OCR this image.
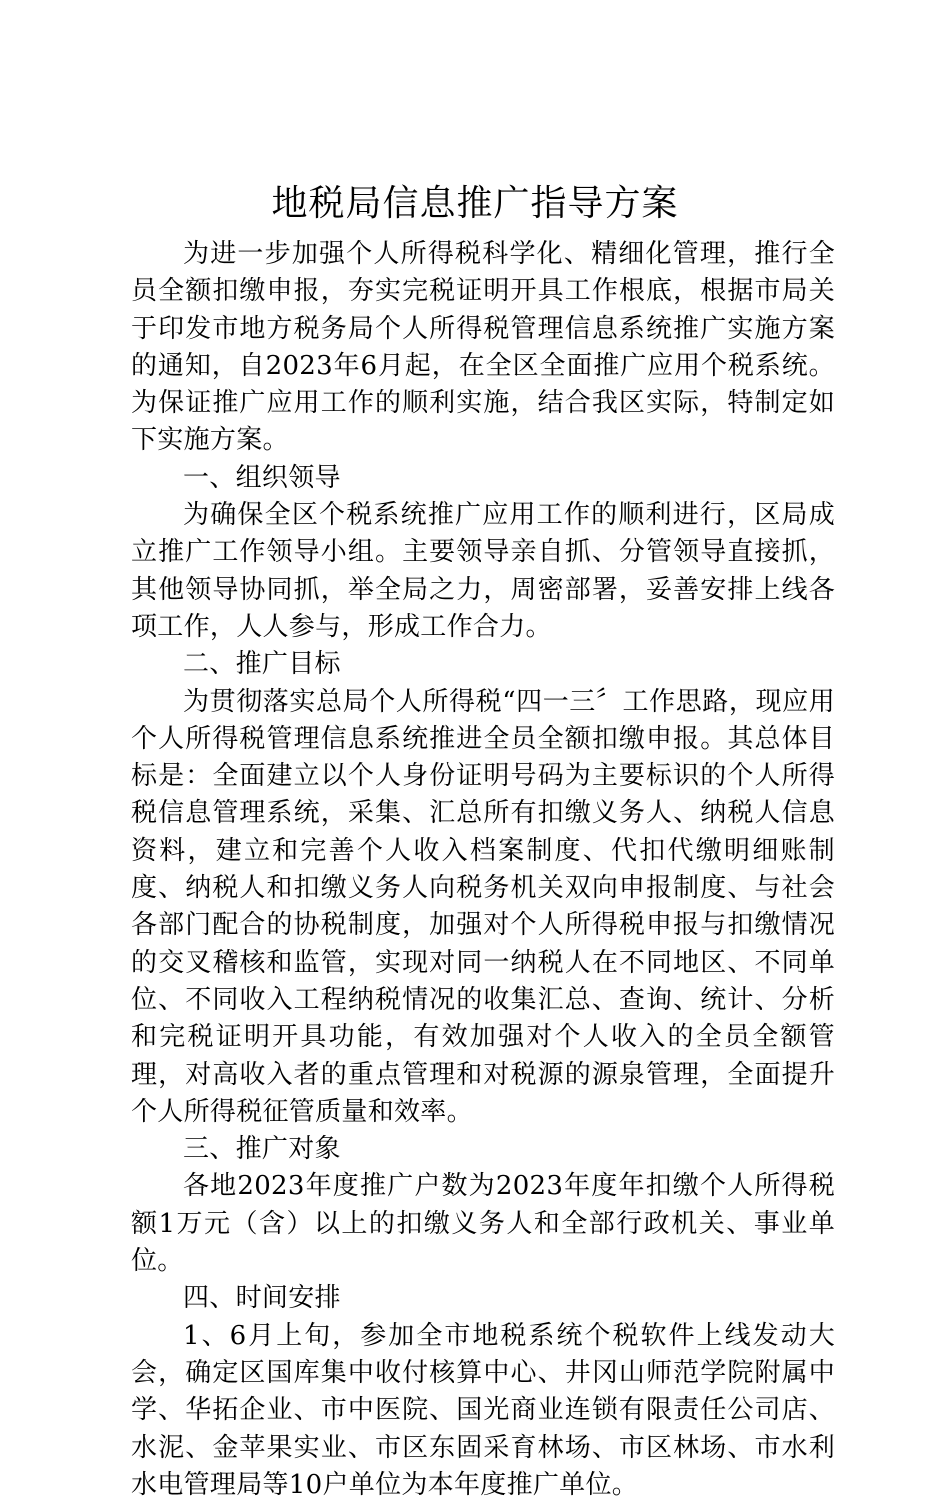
地税局信息推广指导方案

为进一步加强个人所得税科学化、精细化管理，推行全员全额扣缴申报，夯实完税证明开具工作根底，根据市局关于印发市地方税务局个人所得税管理信息系统推广实施方案的通知，自2023年6月起，在全区全面推广应用个税系统。为保证推广应用工作的顺利实施，结合我区实际，特制定如下实施方案。

一、组织领导

为确保全区个税系统推广应用工作的顺利进行，区局成立推广工作领导小组。主要领导亲自抓、分管领导直接抓，其他领导协同抓，举全局之力，周密部署，妥善安排上线各项工作，人人参与，形成工作合力。

二、推广目标

为贯彻落实总局个人所得税“四一三〞工作思路，现应用个人所得税管理信息系统推进全员全额扣缴申报。其总体目标是：全面建立以个人身份证明号码为主要标识的个人所得税信息管理系统，采集、汇总所有扣缴义务人、纳税人信息资料，建立和完善个人收入档案制度、代扣代缴明细账制度、纳税人和扣缴义务人向税务机关双向申报制度、与社会各部门配合的协税制度，加强对个人所得税申报与扣缴情况的交叉稽核和监管，实现对同一纳税人在不同地区、不同单位、不同收入工程纳税情况的收集汇总、查询、统计、分析和完税证明开具功能，有效加强对个人收入的全员全额管理，对高收入者的重点管理和对税源的源泉管理，全面提升个人所得税征管质量和效率。

三、推广对象

各地2023年度推广户数为2023年度年扣缴个人所得税额1万元（含）以上的扣缴义务人和全部行政机关、事业单位。

四、时间安排

1、6月上旬，参加全市地税系统个税软件上线发动大会，确定区国库集中收付核算中心、井冈山师范学院附属中学、华拓企业、市中医院、国光商业连锁有限责任公司店、水泥、金苹果实业、市区东固采育林场、市区林场、市水利水电管理局等10户单位为本年度推广单位。
